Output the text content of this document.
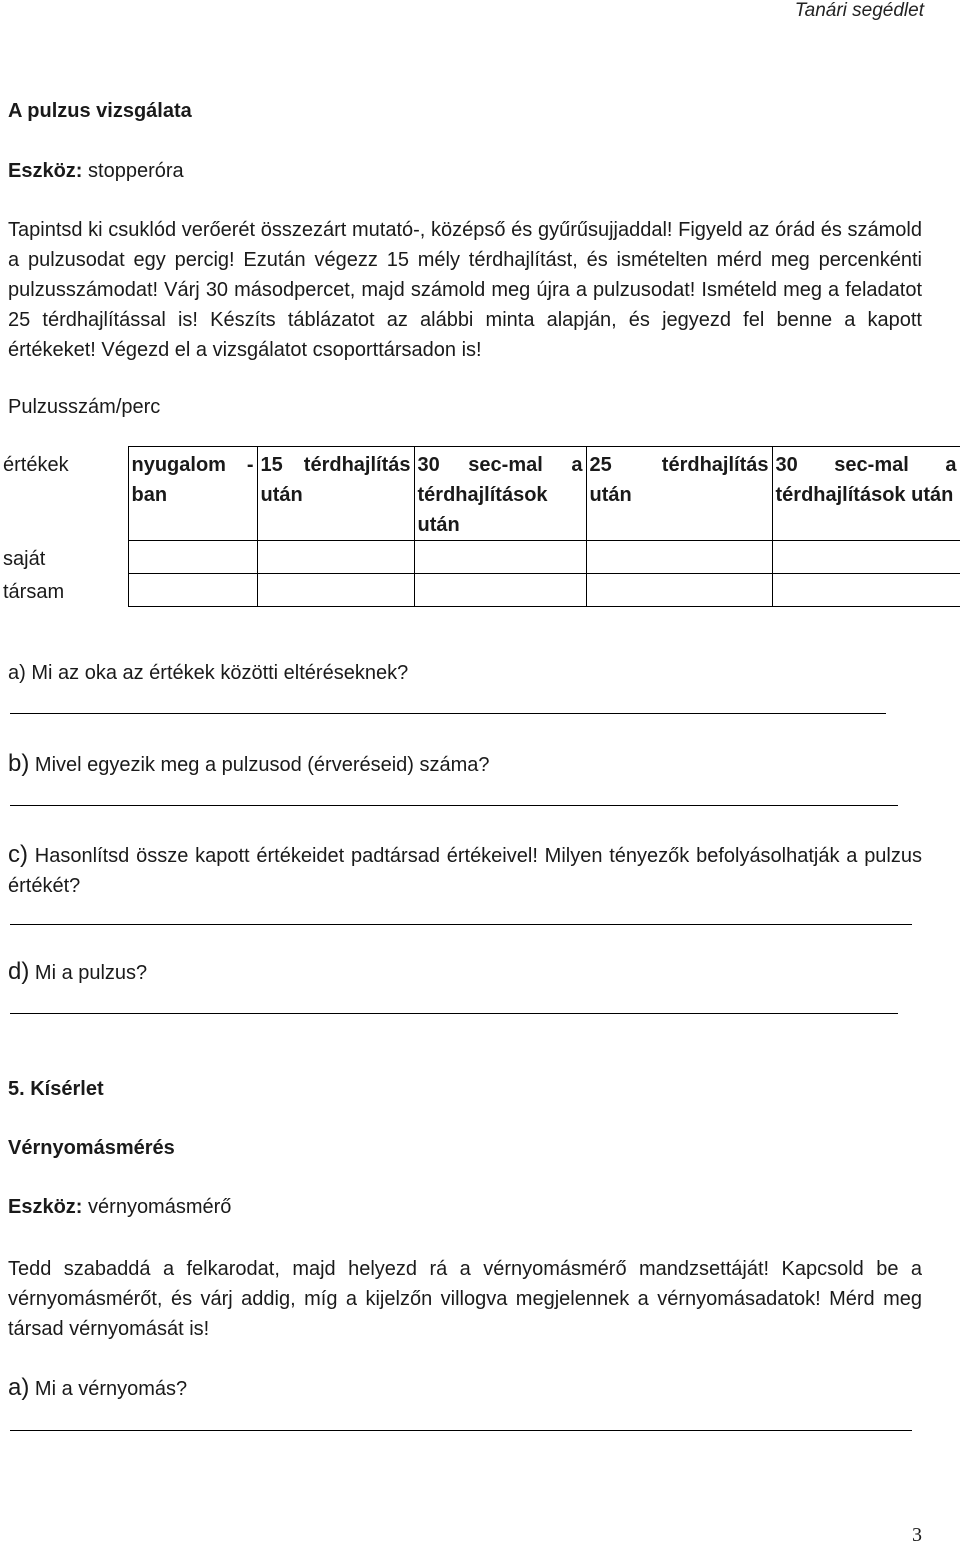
Tanári segédlet
A pulzus vizsgálata
Eszköz: stopperóra
Tapintsd ki csuklód verőerét összezárt mutató-, középső és gyűrűsujjaddal! Figyeld az órád és számold a pulzusodat egy percig! Ezután végezz 15 mély térdhajlítást, és ismételten mérd meg percenkénti pulzusszámodat! Várj 30 másodpercet, majd számold meg újra a pulzusodat! Ismételd meg a feladatot 25 térdhajlítással is! Készíts táblázatot az alábbi minta alapján, és jegyezd fel benne a kapott értékeket! Végezd el a vizsgálatot csoporttársadon is!
Pulzusszám/perc
értékek	nyugalom - ban	15 térdhajlítás után	30 sec-mal a térdhajlítások után	25 térdhajlítás után	30 sec-mal a térdhajlítások után
saját					
társam					
a) Mi az oka az értékek közötti eltéréseknek?
b) Mivel egyezik meg a pulzusod (érveréseid) száma?
c) Hasonlítsd össze kapott értékeidet padtársad értékeivel! Milyen tényezők befolyásolhatják a pulzus értékét?
d) Mi a pulzus?
5. Kísérlet
Vérnyomásmérés
Eszköz: vérnyomásmérő
Tedd szabaddá a felkarodat, majd helyezd rá a vérnyomásmérő mandzsettáját! Kapcsold be a vérnyomásmérőt, és várj addig, míg a kijelzőn villogva megjelennek a vérnyomásadatok! Mérd meg társad vérnyomását is!
a) Mi a vérnyomás?
3
